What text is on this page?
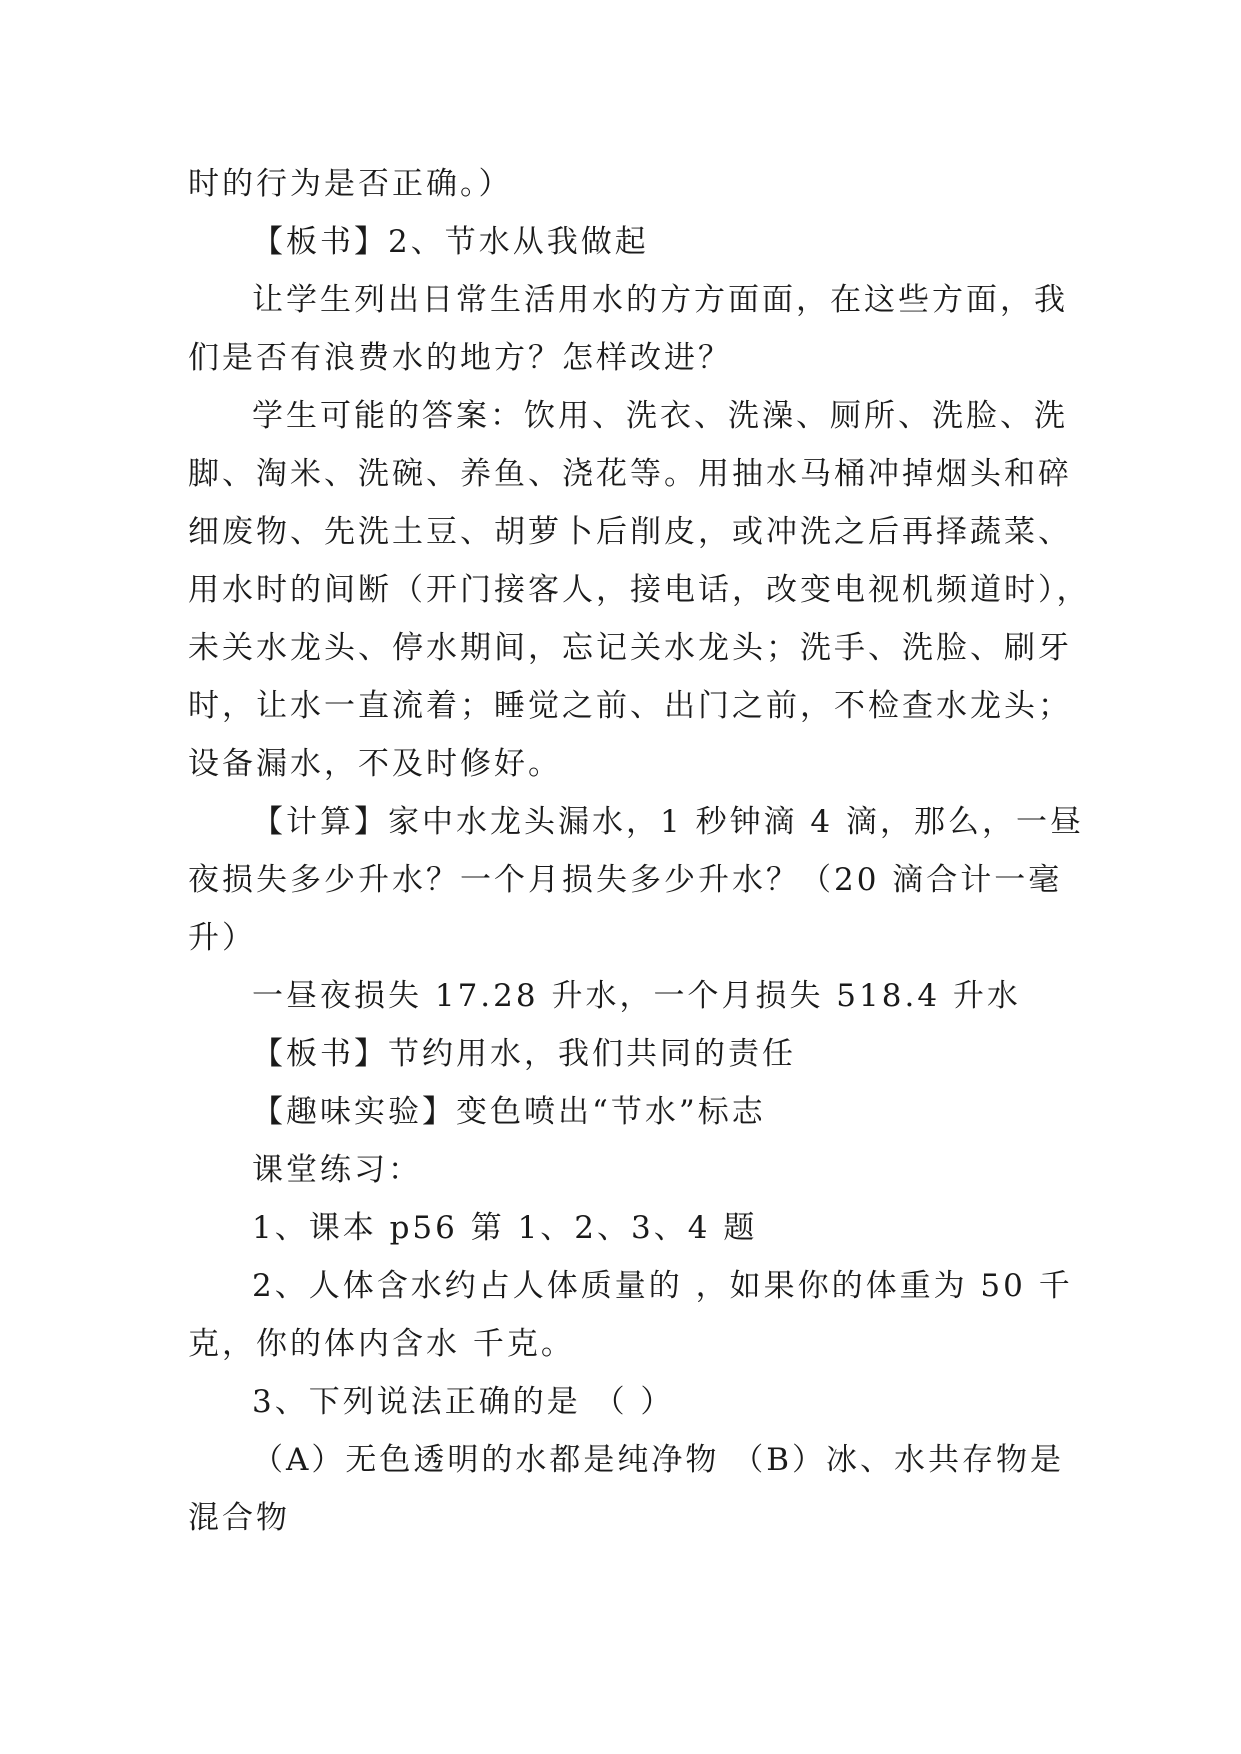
时的行为是否正确。）
【板书】2、节水从我做起
让学生列出日常生活用水的方方面面，在这些方面，我
们是否有浪费水的地方？怎样改进？
学生可能的答案：饮用、洗衣、洗澡、厕所、洗脸、洗
脚、淘米、洗碗、养鱼、浇花等。用抽水马桶冲掉烟头和碎
细废物、先洗土豆、胡萝卜后削皮，或冲洗之后再择蔬菜、
用水时的间断（开门接客人，接电话，改变电视机频道时），
未关水龙头、停水期间，忘记关水龙头；洗手、洗脸、刷牙
时，让水一直流着；睡觉之前、出门之前，不检查水龙头；
设备漏水，不及时修好。
【计算】家中水龙头漏水，1 秒钟滴 4 滴，那么，一昼
夜损失多少升水？一个月损失多少升水？（20 滴合计一毫
升）
一昼夜损失 17.28 升水，一个月损失 518.4 升水
【板书】节约用水，我们共同的责任
【趣味实验】变色喷出“节水”标志
课堂练习：
1、课本 p56 第 1、2、3、4 题
2、人体含水约占人体质量的 ，如果你的体重为 50 千
克，你的体内含水 千克。
3、下列说法正确的是 （ ）
（A）无色透明的水都是纯净物 （B）冰、水共存物是
混合物
